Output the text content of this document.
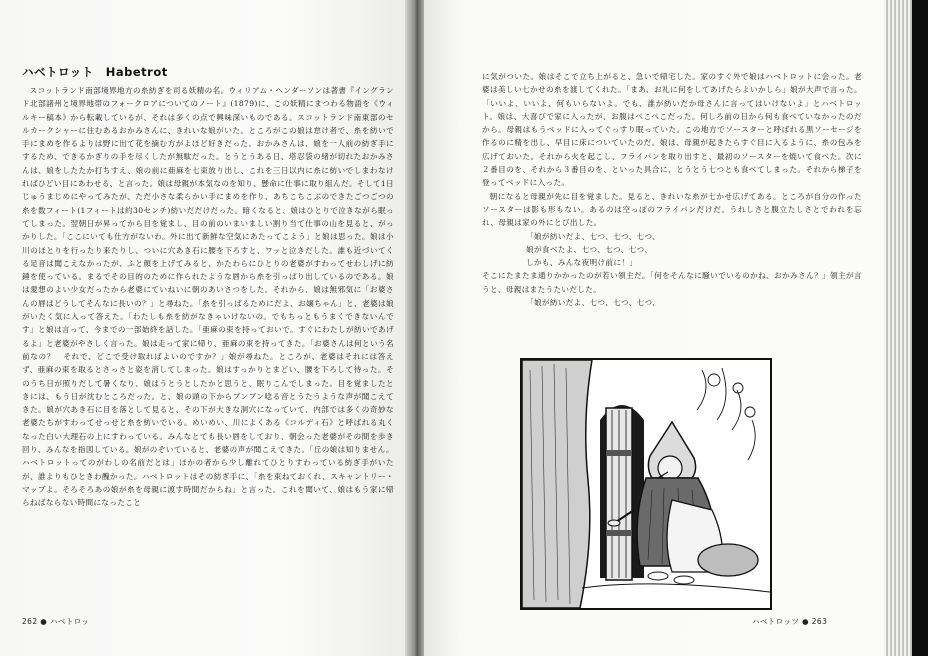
ハベトロット　Habetrot

スコットランド南部境界地方の糸紡ぎを司る妖精の名。ウィリアム・ヘンダーソンは著書『イングランド北部諸州と境界地帯のフォークロアについてのノート』(1879)に、この妖精にまつわる物語を《ウィルキー稿本》から転載しているが、それは多くの点で興味深いものである。スコットランド南東部のセルカークシャーに住むあるおかみさんに、きれいな娘がいた。ところがこの娘は怠け者で、糸を紡いで手にまめを作るよりは野に出て花を摘む方がよほど好きだった。おかみさんは、娘を一人前の紡ぎ手にするため、できるかぎりの手を尽くしたが無駄だった。とうとうある日、塔忍袋の緒が切れたおかみさんは、娘をしたたか打ちすえ、娘の前に亜麻を七束放り出し、これを三日以内に糸に紡いでしまわなければひどい目にあわせる、と言った。娘は母親が本気なのを知り、懸命に仕事に取り組んだ。そして1日じゅうまじめにやってみたが、ただ小さな柔らかい手にまめを作り、あちこちこぶのできたごつごつの糸を数フィート(1フィートは約30センチ)紡いだだけだった。暗くなると、娘はひとりで泣きながら眠ってしまった。翌朝日が昇ってから目を覚まし、目の前のいまいましい割り当て仕事の山を見ると、がっかりした。「ここにいても仕方がないわ。外に出て新鮮な空気にあたってこよう」と娘は思った。娘は小川のほとりを行ったり来たりし、ついに穴あき石に腰を下ろすと、ワッと泣きだした。誰も近づいてくる足音は聞こえなかったが、ふと顔を上げてみると、かたわらにひとりの老婆がすわってせわしげに紡錘を使っている。まるでその目的のために作られたような唇から糸を引っぱり出しているのである。娘は愛想のよい少女だったから老婆にていねいに朝のあいさつをした。それから、娘は無邪気に「お婆さんの唇はどうしてそんなに長いの？」と尋ねた。「糸を引っぱるためにだよ、お嬢ちゃん」と、老婆は娘がいたく気に入って答えた。「わたしも糸を紡がなきゃいけないの。でもちっともうまくできないんです」と娘は言って、今までの一部始終を話した。「亜麻の束を持っておいで。すぐにわたしが紡いであげるよ」と老婆がやさしく言った。娘は走って家に帰り、亜麻の束を持ってきた。「お婆さんは何という名前なの？　それで、どこで受け取ればよいのですか？」娘が尋ねた。ところが、老婆はそれには答えず、亜麻の束を取るとさっさと姿を消してしまった。娘はすっかりとまどい、腰を下ろして待った。そのうち日が照りだして暑くなり、娘はうとうとしたかと思うと、眠りこんでしまった。目を覚ましたときには、もう日が沈むところだった。と、娘の頭の下からブンブン唸る音とうたうような声が聞こえてきた。娘が穴あき石に目を落として見ると、その下が大きな洞穴になっていて、内部では多くの奇妙な老婆たちがすわってせっせと糸を紡いでいる。めいめい、川によくある《コルディ石》と呼ばれる丸くなった白い大理石の上にすわっている。みんなとても長い唇をしており、朝会った老婆がその間を歩き回り、みんなを指図している。娘がのぞいていると、老婆の声が聞こえてきた。「丘の娘は知りません。ハベトロットってのがわしの名前だとは」ほかの者から少し離れてひとりすわっている紡ぎ手がいたが、誰よりもひときわ醜かった。ハベトロットはその紡ぎ手に、「糸を束ねておくれ、スキャントリー・マッブよ。そろそろあの娘が糸を母親に渡す時間だからね」と言った。これを聞いて、娘はもう家に帰らねばならない時間になったこと

262 ● ハベトロッ

に気がついた。娘はそこで立ち上がると、急いで帰宅した。家のすぐ外で娘はハベトロットに会った。老婆は美しい七かせの糸を渡してくれた。「まあ、お礼に何をしてあげたらよいかしら」娘が大声で言った。「いいよ、いいよ、何もいらないよ。でも、誰が紡いだか母さんに言ってはいけないよ」とハベトロット。娘は、大喜びで家に入ったが、お腹はぺこぺこだった。何しろ前の日から何も食べていなかったのだから。母親はもうベッドに入ってぐっすり眠っていた。この地方でソースターと呼ばれる黒ソーセージを作るのに精を出し、早目に床についていたのだ。娘は、母親が起きたらすぐ目に入るように、糸の包みを広げておいた。それから火を起こし、フライパンを取り出すと、最初のソースターを焼いて食べた。次に２番目のを、それから３番目のを、といった具合に、とうとう七つとも食べてしまった。それから梯子を登ってベッドに入った。

朝になると母親が先に目を覚ました。見ると、きれいな糸が七かせ広げてある。ところが自分の作ったソースターは影も形もない。あるのは空っぽのフライパンだけだ。うれしさと腹立たしさとでわれを忘れ、母親は家の外にとび出した。

「娘が紡いだよ、七つ、七つ、七つ、
娘が食べたよ、七つ、七つ、七つ、
しかも、みんな夜明け前に！」

そこにたまたま通りかかったのが若い領主だ。「何をそんなに騒いでいるのかね、おかみさん？」領主が言うと、母親はまたうたいだした。

「娘が紡いだよ、七つ、七つ、七つ、
ハベトロッツ ● 263
